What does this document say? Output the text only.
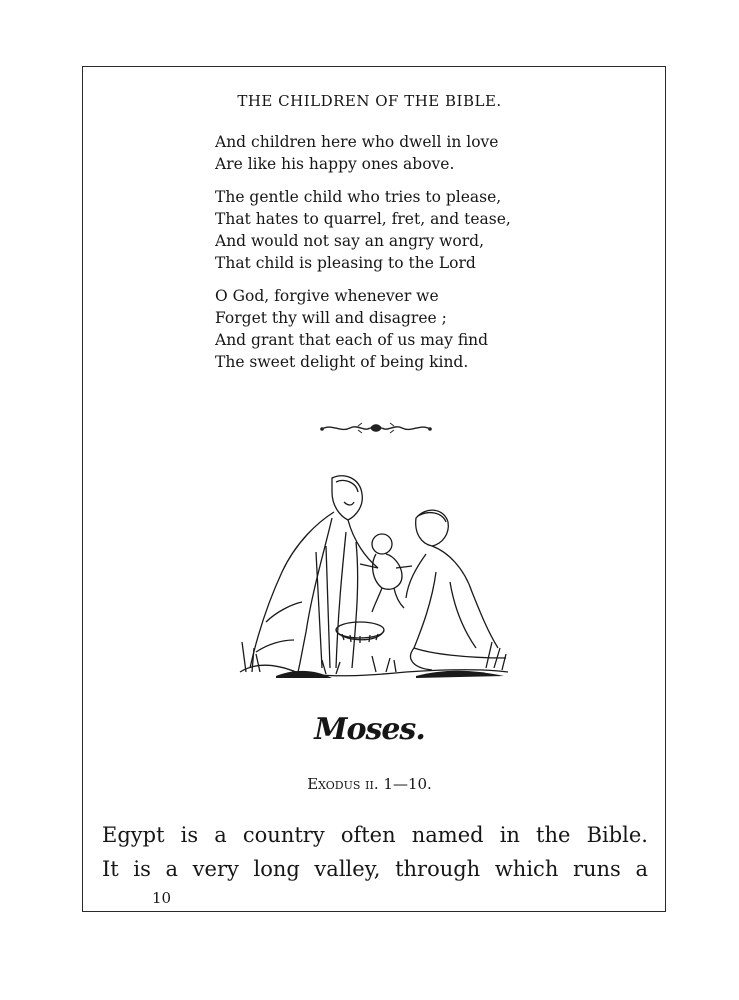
THE CHILDREN OF THE BIBLE.
And children here who dwell in love
Are like his happy ones above.
The gentle child who tries to please,
That hates to quarrel, fret, and tease,
And would not say an angry word,
That child is pleasing to the Lord
O God, forgive whenever we
Forget thy will and disagree ;
And grant that each of us may find
The sweet delight of being kind.
Moses.
Exodus ii. 1—10.
Egypt is a country often named in the Bible.
It is a very long valley, through which runs a
10
